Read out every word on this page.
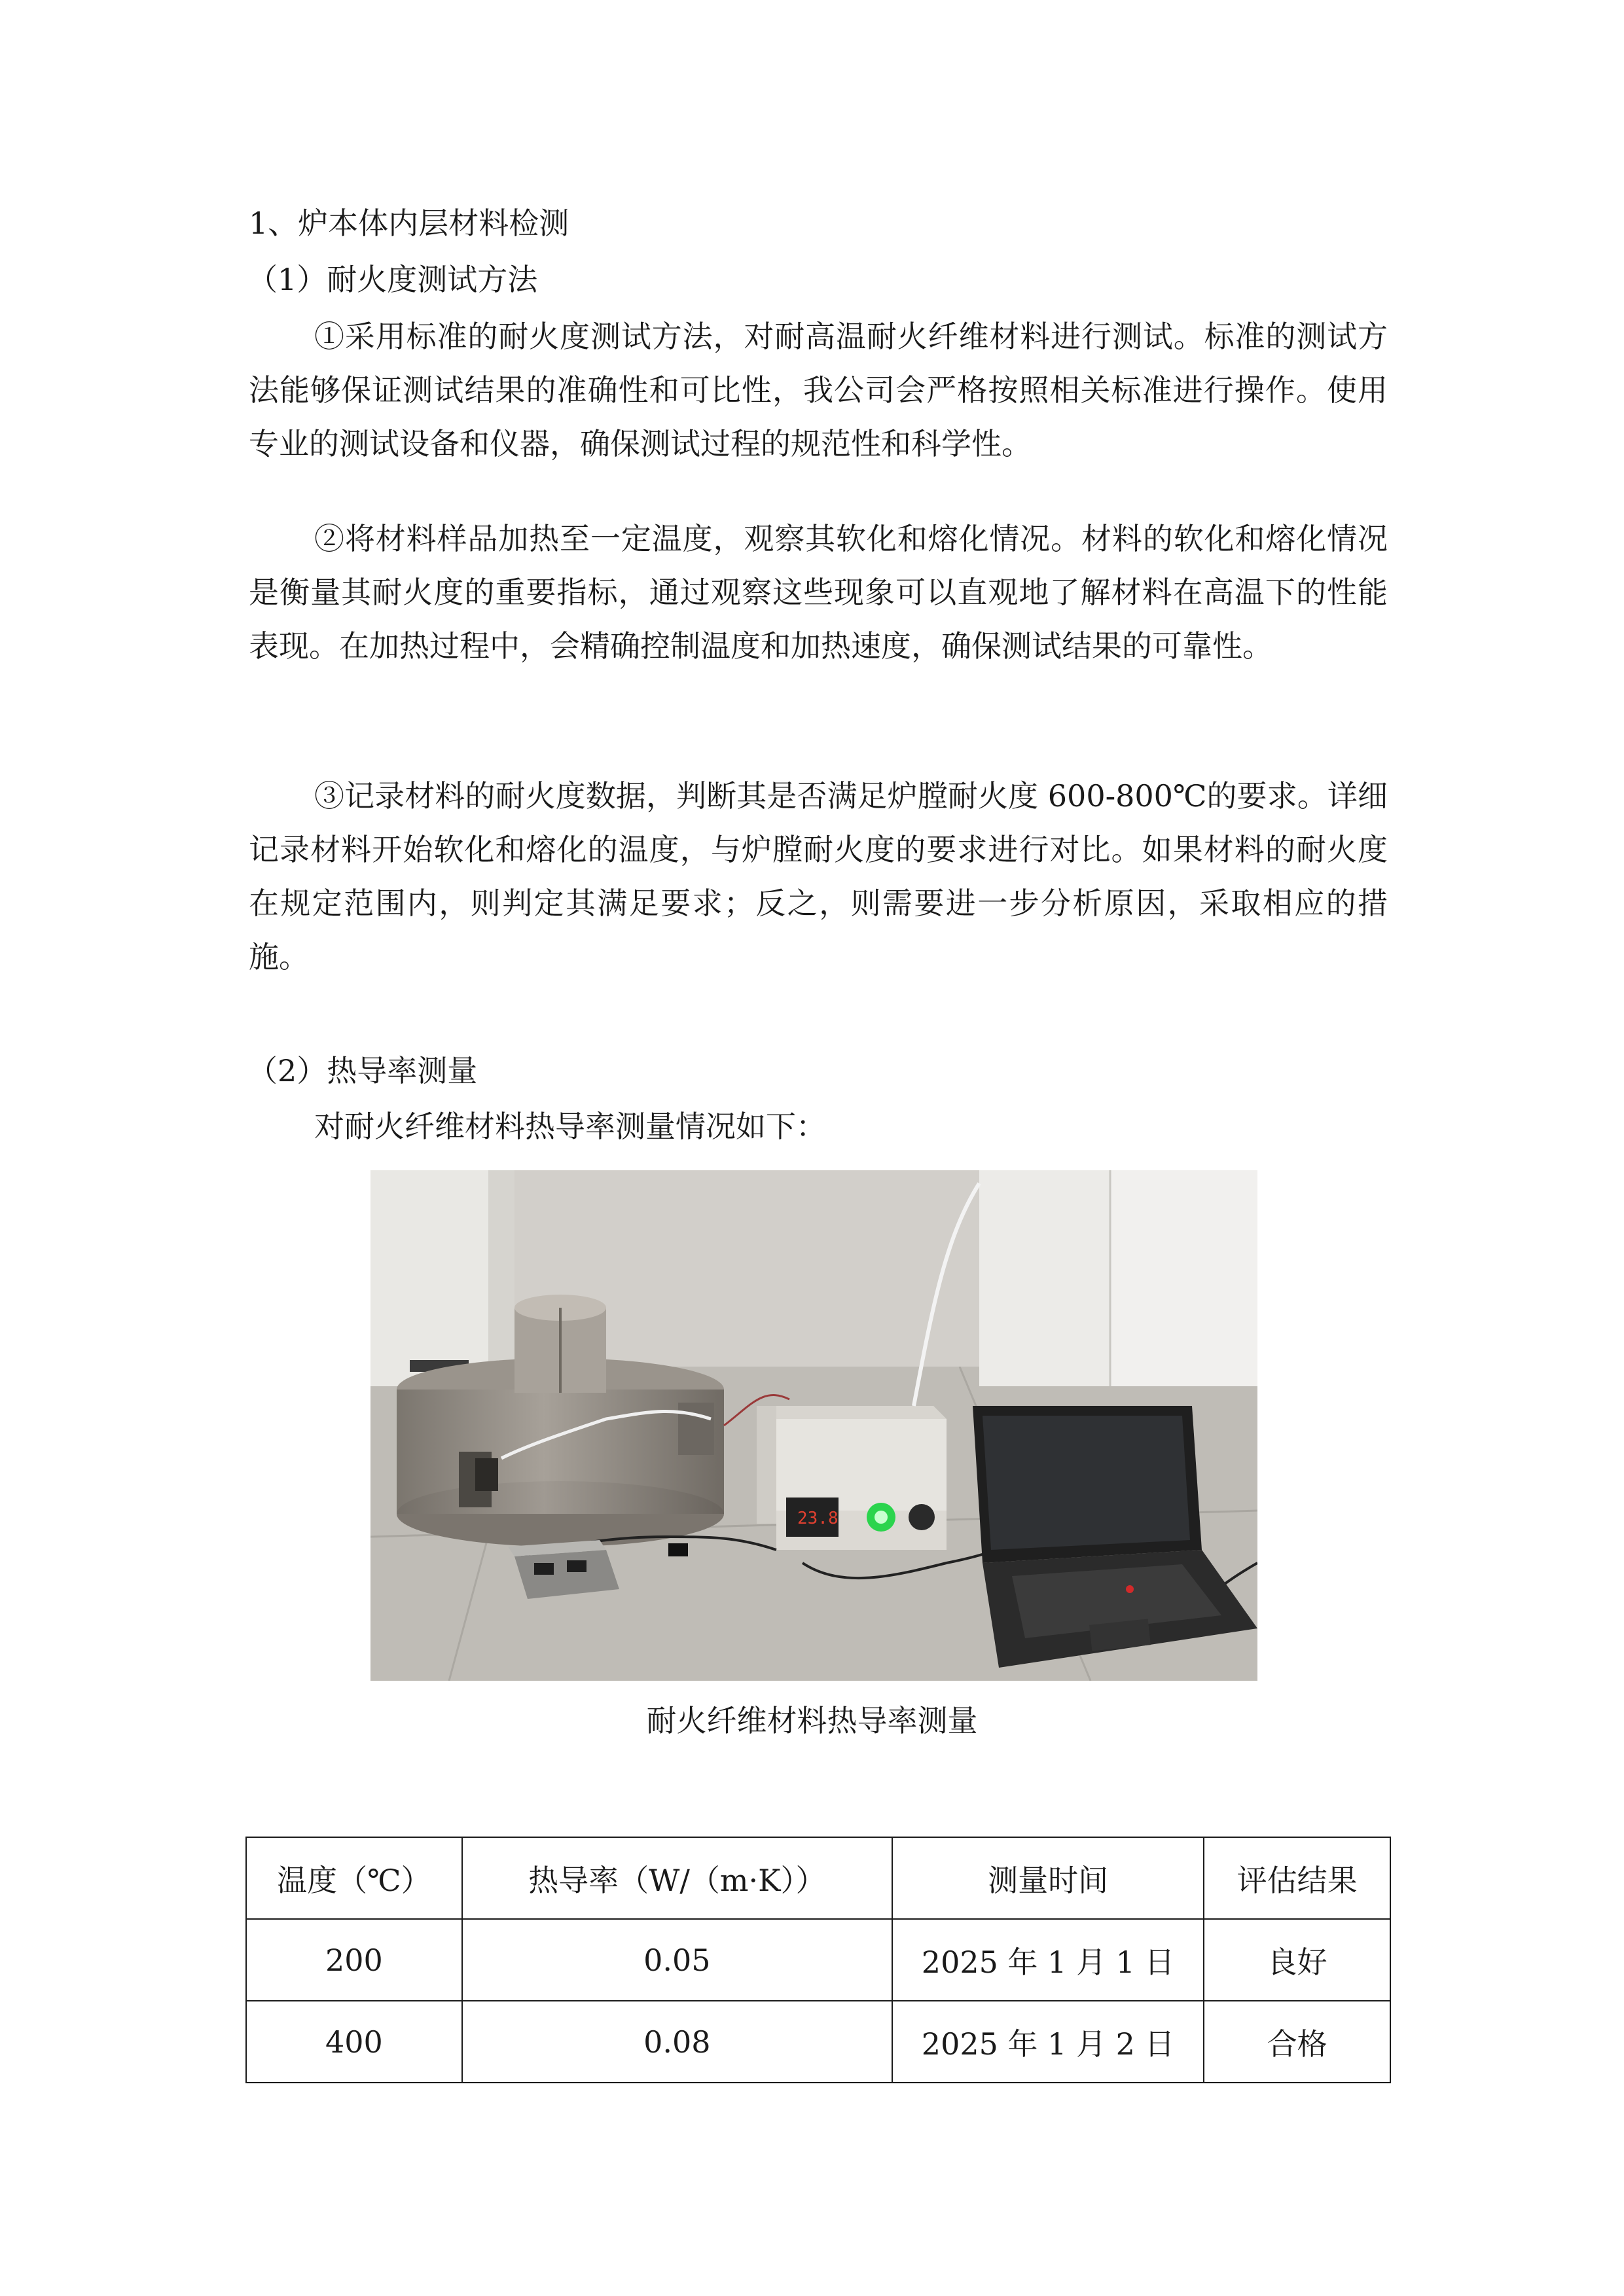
1、炉本体内层材料检测
（1）耐火度测试方法
①采用标准的耐火度测试方法，对耐高温耐火纤维材料进行测试。标准的测试方法能够保证测试结果的准确性和可比性，我公司会严格按照相关标准进行操作。使用专业的测试设备和仪器，确保测试过程的规范性和科学性。
②将材料样品加热至一定温度，观察其软化和熔化情况。材料的软化和熔化情况是衡量其耐火度的重要指标，通过观察这些现象可以直观地了解材料在高温下的性能表现。在加热过程中，会精确控制温度和加热速度，确保测试结果的可靠性。
③记录材料的耐火度数据，判断其是否满足炉膛耐火度 600-800℃的要求。详细记录材料开始软化和熔化的温度，与炉膛耐火度的要求进行对比。如果材料的耐火度在规定范围内，则判定其满足要求；反之，则需要进一步分析原因，采取相应的措施。
（2）热导率测量
对耐火纤维材料热导率测量情况如下：
23.8
耐火纤维材料热导率测量
温度（℃）	热导率（W/（m·K））	测量时间	评估结果
200	0.05	2025 年 1 月 1 日	良好
400	0.08	2025 年 1 月 2 日	合格
